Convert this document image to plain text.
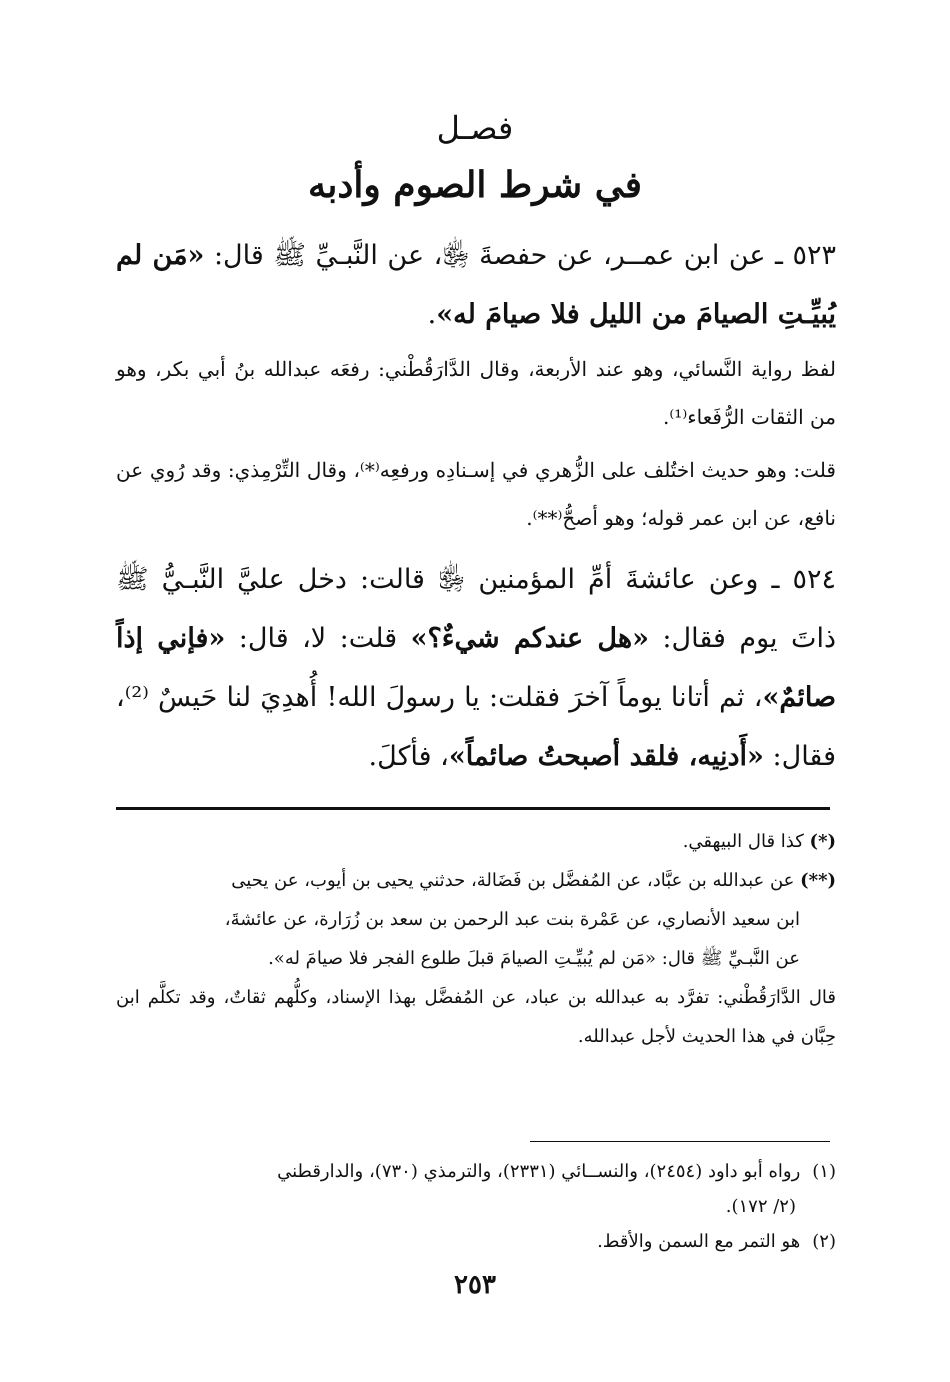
فصـل
في شرط الصوم وأدبه
٥٢٣ ـ عن ابن عمــر، عن حفصةَ ﵂، عن النَّبـيِّ ﷺ قال: «مَن لم يُبيِّـتِ الصيامَ من الليل فلا صيامَ له».
لفظ رواية النَّسائي، وهو عند الأربعة، وقال الدَّارَقُطْني: رفعَه عبدالله بنُ أبي بكر، وهو من الثقات الرُّفَعاء⁽¹⁾.
قلت: وهو حديث اختُلف على الزُّهري في إسـنادِه ورفعِه⁽*⁾، وقال التِّرْمِذي: وقد رُوي عن نافع، عن ابن عمر قوله؛ وهو أصحُّ⁽**⁾.
٥٢٤ ـ وعن عائشةَ أمِّ المؤمنين ﵂ قالت: دخل عليَّ النَّبـيُّ ﷺ ذاتَ يوم فقال: «هل عندكم شيءٌ؟» قلت: لا، قال: «فإني إذاً صائمٌ»، ثم أتانا يوماً آخرَ فقلت: يا رسولَ الله! أُهدِيَ لنا حَيسٌ ⁽²⁾، فقال: «أَدنِيه، فلقد أصبحتُ صائماً»، فأكلَ.
(*) كذا قال البيهقي.
(**) عن عبدالله بن عبَّاد، عن المُفضَّل بن فَضَالة، حدثني يحيى بن أيوب، عن يحيى
ابن سعيد الأنصاري، عن عَمْرة بنت عبد الرحمن بن سعد بن زُرَارة، عن عائشةَ،
عن النَّبـيِّ ﷺ قال: «مَن لم يُبيِّـتِ الصيامَ قبلَ طلوع الفجر فلا صيامَ له».
قال الدَّارَقُطْني: تفرَّد به عبدالله بن عباد، عن المُفضَّل بهذا الإسناد، وكلُّهم ثقاتٌ، وقد تكلَّم ابن حِبَّان في هذا الحديث لأجل عبدالله.
(١)رواه أبو داود (٢٤٥٤)، والنســائي (٢٣٣١)، والترمذي (٧٣٠)، والدارقطني
(٢/ ١٧٢).
(٢)هو التمر مع السمن والأقط.
٢٥٣
